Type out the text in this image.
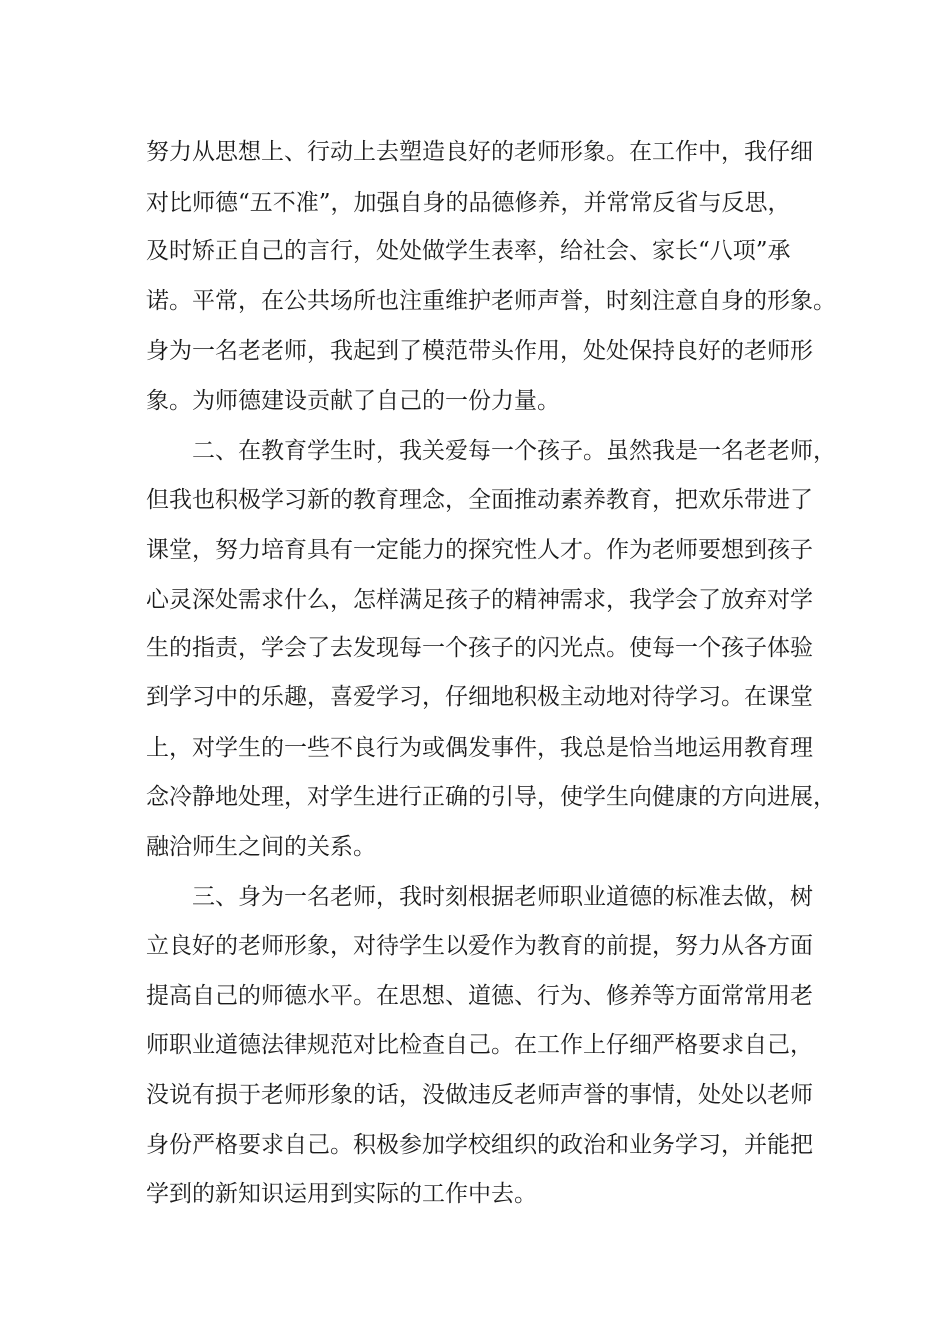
努力从思想上、行动上去塑造良好的老师形象。在工作中，我仔细
对比师德“五不准”，加强自身的品德修养，并常常反省与反思，
及时矫正自己的言行，处处做学生表率，给社会、家长“八项”承
诺。平常，在公共场所也注重维护老师声誉，时刻注意自身的形象。
身为一名老老师，我起到了模范带头作用，处处保持良好的老师形
象。为师德建设贡献了自己的一份力量。
二、在教育学生时，我关爱每一个孩子。虽然我是一名老老师，
但我也积极学习新的教育理念，全面推动素养教育，把欢乐带进了
课堂，努力培育具有一定能力的探究性人才。作为老师要想到孩子
心灵深处需求什么，怎样满足孩子的精神需求，我学会了放弃对学
生的指责，学会了去发现每一个孩子的闪光点。使每一个孩子体验
到学习中的乐趣，喜爱学习，仔细地积极主动地对待学习。在课堂
上，对学生的一些不良行为或偶发事件，我总是恰当地运用教育理
念冷静地处理，对学生进行正确的引导，使学生向健康的方向进展，
融洽师生之间的关系。
三、身为一名老师，我时刻根据老师职业道德的标准去做，树
立良好的老师形象，对待学生以爱作为教育的前提，努力从各方面
提高自己的师德水平。在思想、道德、行为、修养等方面常常用老
师职业道德法律规范对比检查自己。在工作上仔细严格要求自己，
没说有损于老师形象的话，没做违反老师声誉的事情，处处以老师
身份严格要求自己。积极参加学校组织的政治和业务学习，并能把
学到的新知识运用到实际的工作中去。
